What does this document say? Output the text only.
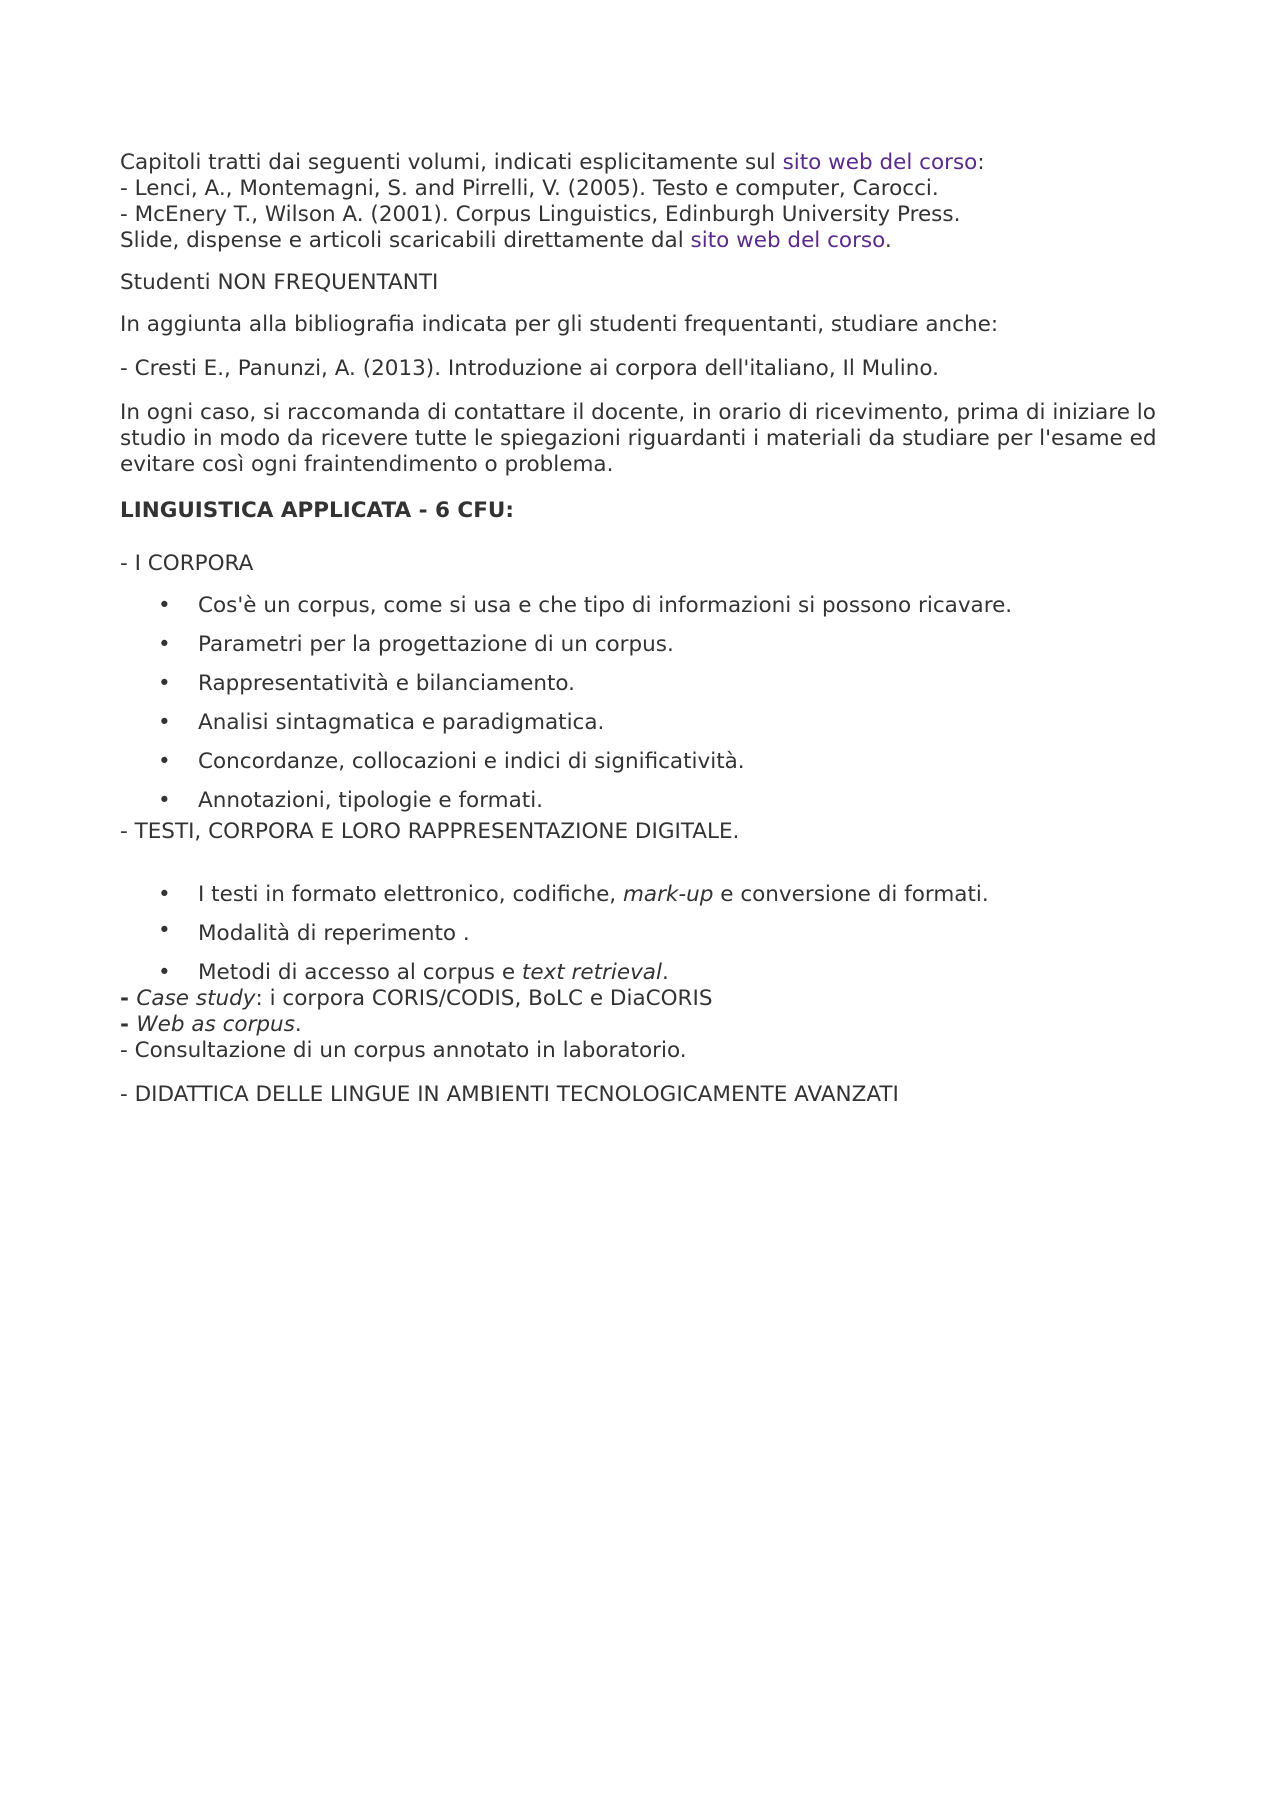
Capitoli tratti dai seguenti volumi, indicati esplicitamente sul sito web del corso:

- Lenci, A., Montemagni, S. and Pirrelli, V. (2005). Testo e computer, Carocci.

- McEnery T., Wilson A. (2001). Corpus Linguistics, Edinburgh University Press.

Slide, dispense e articoli scaricabili direttamente dal sito web del corso.

Studenti NON FREQUENTANTI

In aggiunta alla bibliografia indicata per gli studenti frequentanti, studiare anche:

- Cresti E., Panunzi, A. (2013). Introduzione ai corpora dell'italiano, Il Mulino.

In ogni caso, si raccomanda di contattare il docente, in orario di ricevimento, prima di iniziare lo studio in modo da ricevere tutte le spiegazioni riguardanti i materiali da studiare per l'esame ed evitare così ogni fraintendimento o problema.

LINGUISTICA APPLICATA - 6 CFU:

- I CORPORA

• Cos'è un corpus, come si usa e che tipo di informazioni si possono ricavare.
• Parametri per la progettazione di un corpus.
• Rappresentatività e bilanciamento.
• Analisi sintagmatica e paradigmatica.
• Concordanze, collocazioni e indici di significatività.
• Annotazioni, tipologie e formati.

- TESTI, CORPORA E LORO RAPPRESENTAZIONE DIGITALE.

• I testi in formato elettronico, codifiche, mark-up e conversione di formati.
• Modalità di reperimento .
• Metodi di accesso al corpus e text retrieval.

- Case study: i corpora CORIS/CODIS, BoLC e DiaCORIS

- Web as corpus.

- Consultazione di un corpus annotato in laboratorio.

- DIDATTICA DELLE LINGUE IN AMBIENTI TECNOLOGICAMENTE AVANZATI
